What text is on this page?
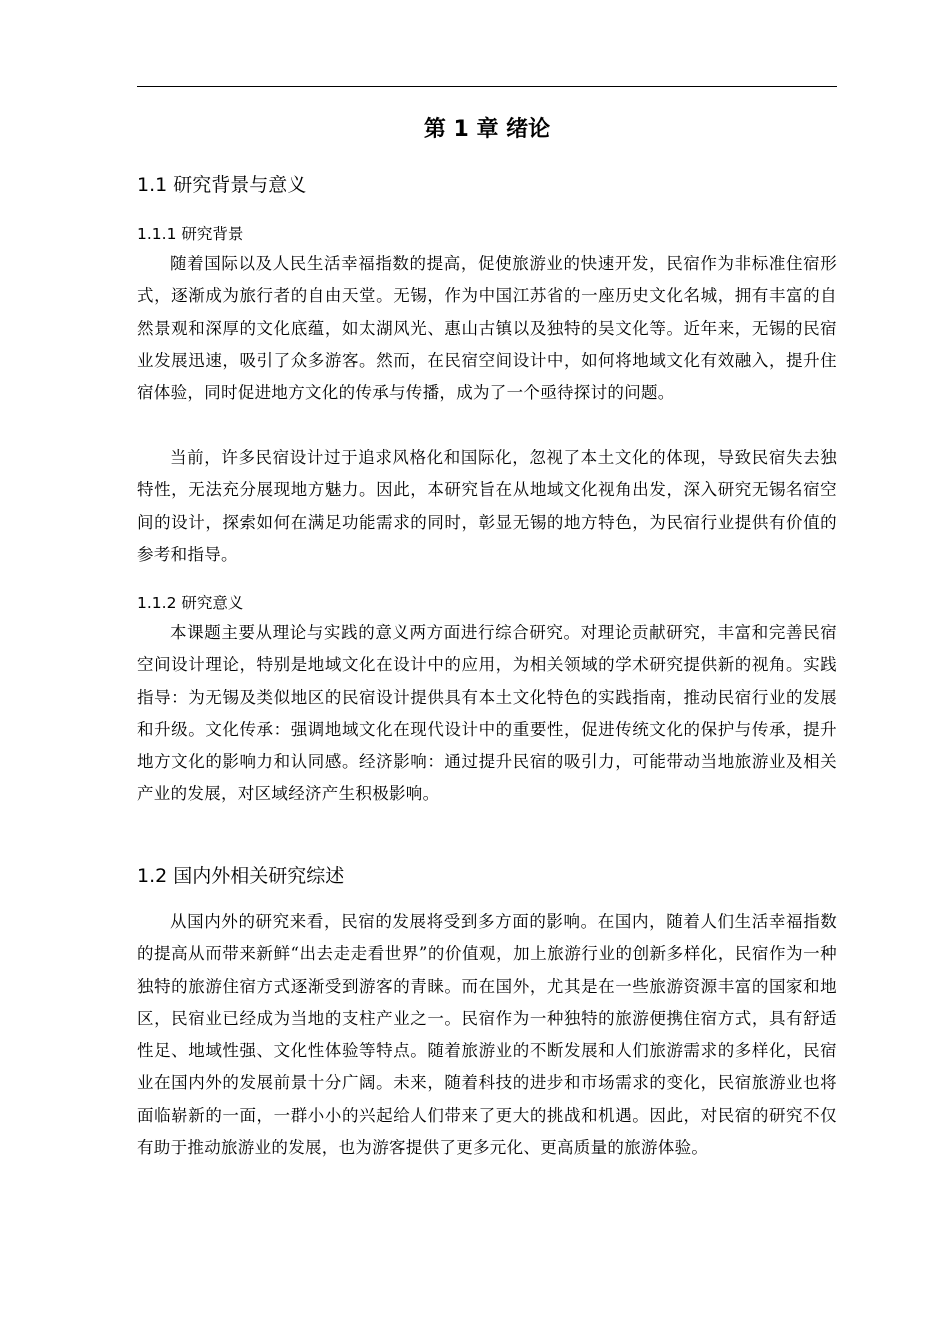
第 1 章 绪论
1.1 研究背景与意义
1.1.1 研究背景

随着国际以及人民生活幸福指数的提高，促使旅游业的快速开发，民宿作为非标准住宿形式，逐渐成为旅行者的自由天堂。无锡，作为中国江苏省的一座历史文化名城，拥有丰富的自然景观和深厚的文化底蕴，如太湖风光、惠山古镇以及独特的吴文化等。近年来，无锡的民宿业发展迅速，吸引了众多游客。然而，在民宿空间设计中，如何将地域文化有效融入，提升住宿体验，同时促进地方文化的传承与传播，成为了一个亟待探讨的问题。

当前，许多民宿设计过于追求风格化和国际化，忽视了本土文化的体现，导致民宿失去独特性，无法充分展现地方魅力。因此，本研究旨在从地域文化视角出发，深入研究无锡名宿空间的设计，探索如何在满足功能需求的同时，彰显无锡的地方特色，为民宿行业提供有价值的参考和指导。

1.1.2 研究意义

本课题主要从理论与实践的意义两方面进行综合研究。对理论贡献研究，丰富和完善民宿空间设计理论，特别是地域文化在设计中的应用，为相关领域的学术研究提供新的视角。实践指导：为无锡及类似地区的民宿设计提供具有本土文化特色的实践指南，推动民宿行业的发展和升级。文化传承：强调地域文化在现代设计中的重要性，促进传统文化的保护与传承，提升地方文化的影响力和认同感。经济影响：通过提升民宿的吸引力，可能带动当地旅游业及相关产业的发展，对区域经济产生积极影响。

1.2 国内外相关研究综述

从国内外的研究来看，民宿的发展将受到多方面的影响。在国内，随着人们生活幸福指数的提高从而带来新鲜“出去走走看世界”的价值观，加上旅游行业的创新多样化，民宿作为一种独特的旅游住宿方式逐渐受到游客的青睐。而在国外，尤其是在一些旅游资源丰富的国家和地区，民宿业已经成为当地的支柱产业之一。民宿作为一种独特的旅游便携住宿方式，具有舒适性足、地域性强、文化性体验等特点。随着旅游业的不断发展和人们旅游需求的多样化，民宿业在国内外的发展前景十分广阔。未来，随着科技的进步和市场需求的变化，民宿旅游业也将面临崭新的一面，一群小小的兴起给人们带来了更大的挑战和机遇。因此，对民宿的研究不仅有助于推动旅游业的发展，也为游客提供了更多元化、更高质量的旅游体验。
